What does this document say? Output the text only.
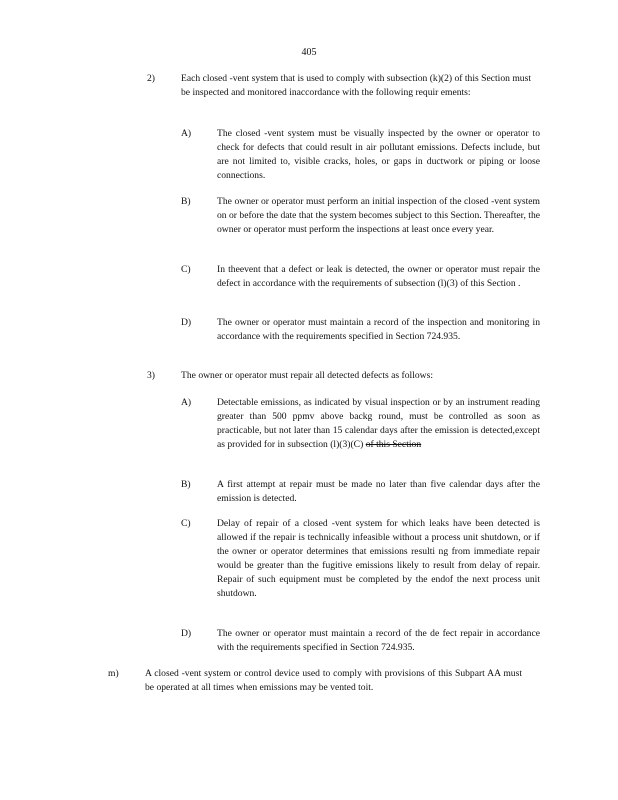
405
2)	Each closed -vent system that is used to comply with subsection (k)(2) of this Section must be inspected and monitored inaccordance with the following requir ements:
A)	The closed -vent system must be visually inspected by the owner or operator to check for defects that could result in air pollutant emissions. Defects include, but are not limited to, visible cracks, holes, or gaps in ductwork or piping or loose connections.
B)	The owner or operator must perform an initial inspection of the closed -vent system on or before the date that the system becomes subject to this Section. Thereafter, the owner or operator must perform the inspections at least once every year.
C)	In theevent that a defect or leak is detected, the owner or operator must repair the defect in accordance with the requirements of subsection (l)(3) of this Section .
D)	The owner or operator must maintain a record of the inspection and monitoring in accordance with the requirements specified in Section 724.935.
3)	The owner or operator must repair all detected defects as follows:
A)	Detectable emissions, as indicated by visual inspection or by an instrument reading greater than 500 ppmv above backg round, must be controlled as soon as practicable, but not later than 15 calendar days after the emission is detected,except as provided for in subsection (l)(3)(C) of this Section
B)	A first attempt at repair must be made no later than five calendar days after the emission is detected.
C)	Delay of repair of a closed -vent system for which leaks have been detected is allowed if the repair is technically infeasible without a process unit shutdown, or if the owner or operator determines that emissions resulti ng from immediate repair would be greater than the fugitive emissions likely to result from delay of repair. Repair of such equipment must be completed by the endof the next process unit shutdown.
D)	The owner or operator must maintain a record of the de fect repair in accordance with the requirements specified in Section 724.935.
m)	A closed -vent system or control device used to comply with provisions of this Subpart AA must be operated at all times when emissions may be vented toit.
